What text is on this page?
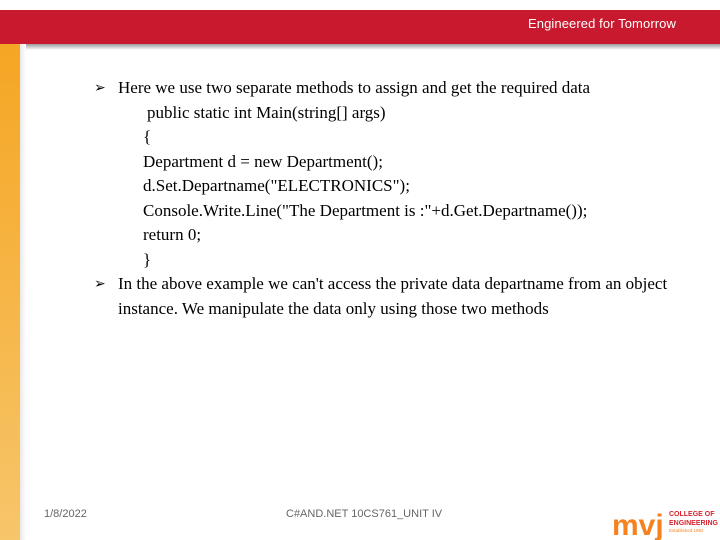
Engineered for Tomorrow
➢ Here we use two separate methods to assign and get the required data
public static int Main(string[] args)
{
Department d = new Department();
d.Set.Departname("ELECTRONICS");
Console.Write.Line("The Department is :"+d.Get.Departname());
return 0;
}
➢ In the above example we can't access the private data departname from an object instance. We manipulate the data only using those two methods
1/8/2022	C#AND.NET 10CS761_UNIT IV	mvj COLLEGE OF
ENGINEERING
Established 1982
